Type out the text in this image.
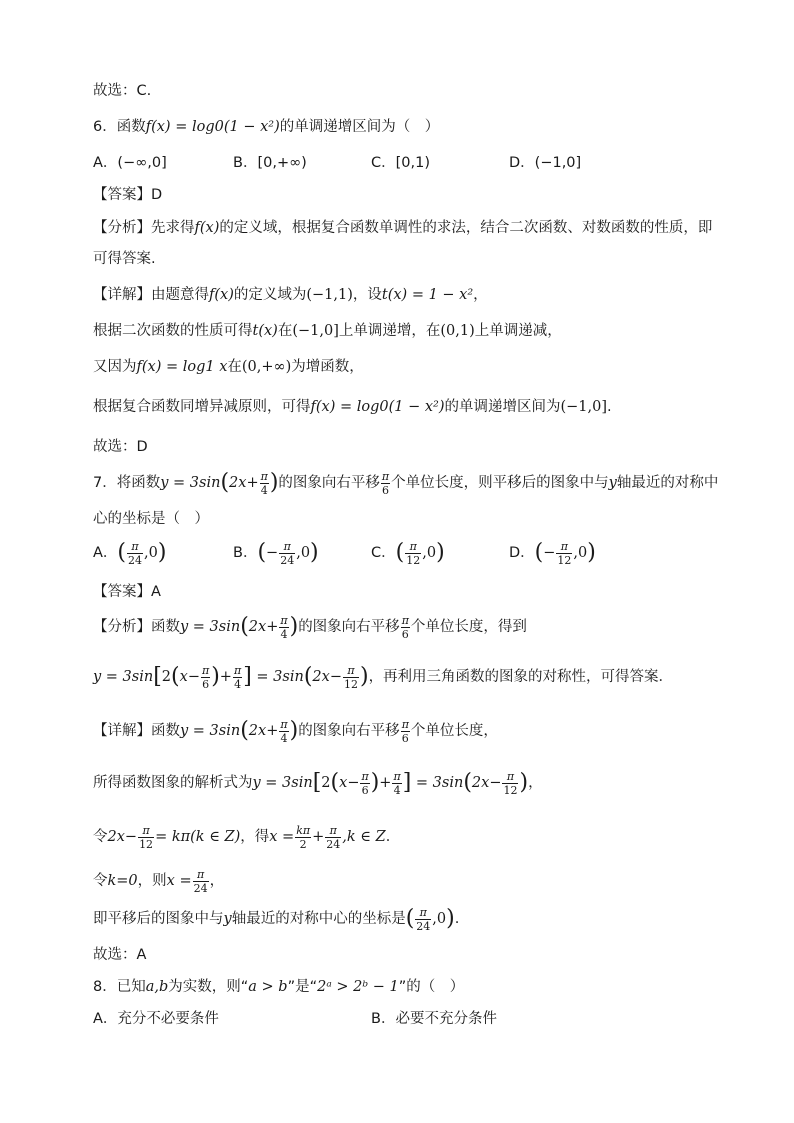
故选：C.
6．函数f(x) = log0(1 − x²)的单调递增区间为（　）
A．(−∞,0]	B．[0,+∞)	C．[0,1)	D．(−1,0]
【答案】D
【分析】先求得f(x)的定义域，根据复合函数单调性的求法，结合二次函数、对数函数的性质，即
可得答案.
【详解】由题意得f(x)的定义域为(−1,1)，设t(x) = 1 − x²，
根据二次函数的性质可得t(x)在(−1,0]上单调递增，在(0,1)上单调递减，
又因为f(x) = log1 x在(0,+∞)为增函数，
根据复合函数同增异减原则，可得f(x) = log0(1 − x²)的单调递增区间为(−1,0].
故选：D
7．将函数$y = 3\sin(2x+ \frac{\pi}{4}$ )的图象向右平移 $\frac{\pi}{6}$ 个单位长度，则平移后的图象中与y轴最近的对称中
心的坐标是（　）
A．( $\frac{\pi}{24} ,0$)	B．(− $\frac{\pi}{24} ,0$)	C．( $\frac{\pi}{12} ,0$)	D．(− $\frac{\pi}{12} ,0$)
【答案】A
【分析】函数$y = 3\sin(2x+ \frac{\pi}{4}$ )的图象向右平移 $\frac{\pi}{6}$ 个单位长度，得到
$y = 3\sin[2(x- \frac{\pi}{6}$ )+ $\frac{\pi}{4}$ ] = $3\sin(2x- \frac{\pi}{12}$ )，再利用三角函数的图象的对称性，可得答案．
【详解】函数$y = 3\sin(2x+ \frac{\pi}{4}$ )的图象向右平移 $\frac{\pi}{6}$ 个单位长度，
所得函数图象的解析式为$y = 3\sin[2(x- \frac{\pi}{6}$ )+ $\frac{\pi}{4}$ ] = $3\sin(2x- \frac{\pi}{12}$ )，
令$2x- \frac{\pi}{12} = k\pi(k$ ∈ Z)，得$x = \frac{k\pi}{2} + \frac{\pi}{24} ,k$ ∈ Z．
令k=0，则$x = \frac{\pi}{24}$ ，
即平移后的图象中与y轴最近的对称中心的坐标是( $\frac{\pi}{24} ,0$).
故选：A
8．已知a,b为实数，则“a > b”是“2ᵃ > 2ᵇ − 1”的（　）
A．充分不必要条件	B．必要不充分条件
